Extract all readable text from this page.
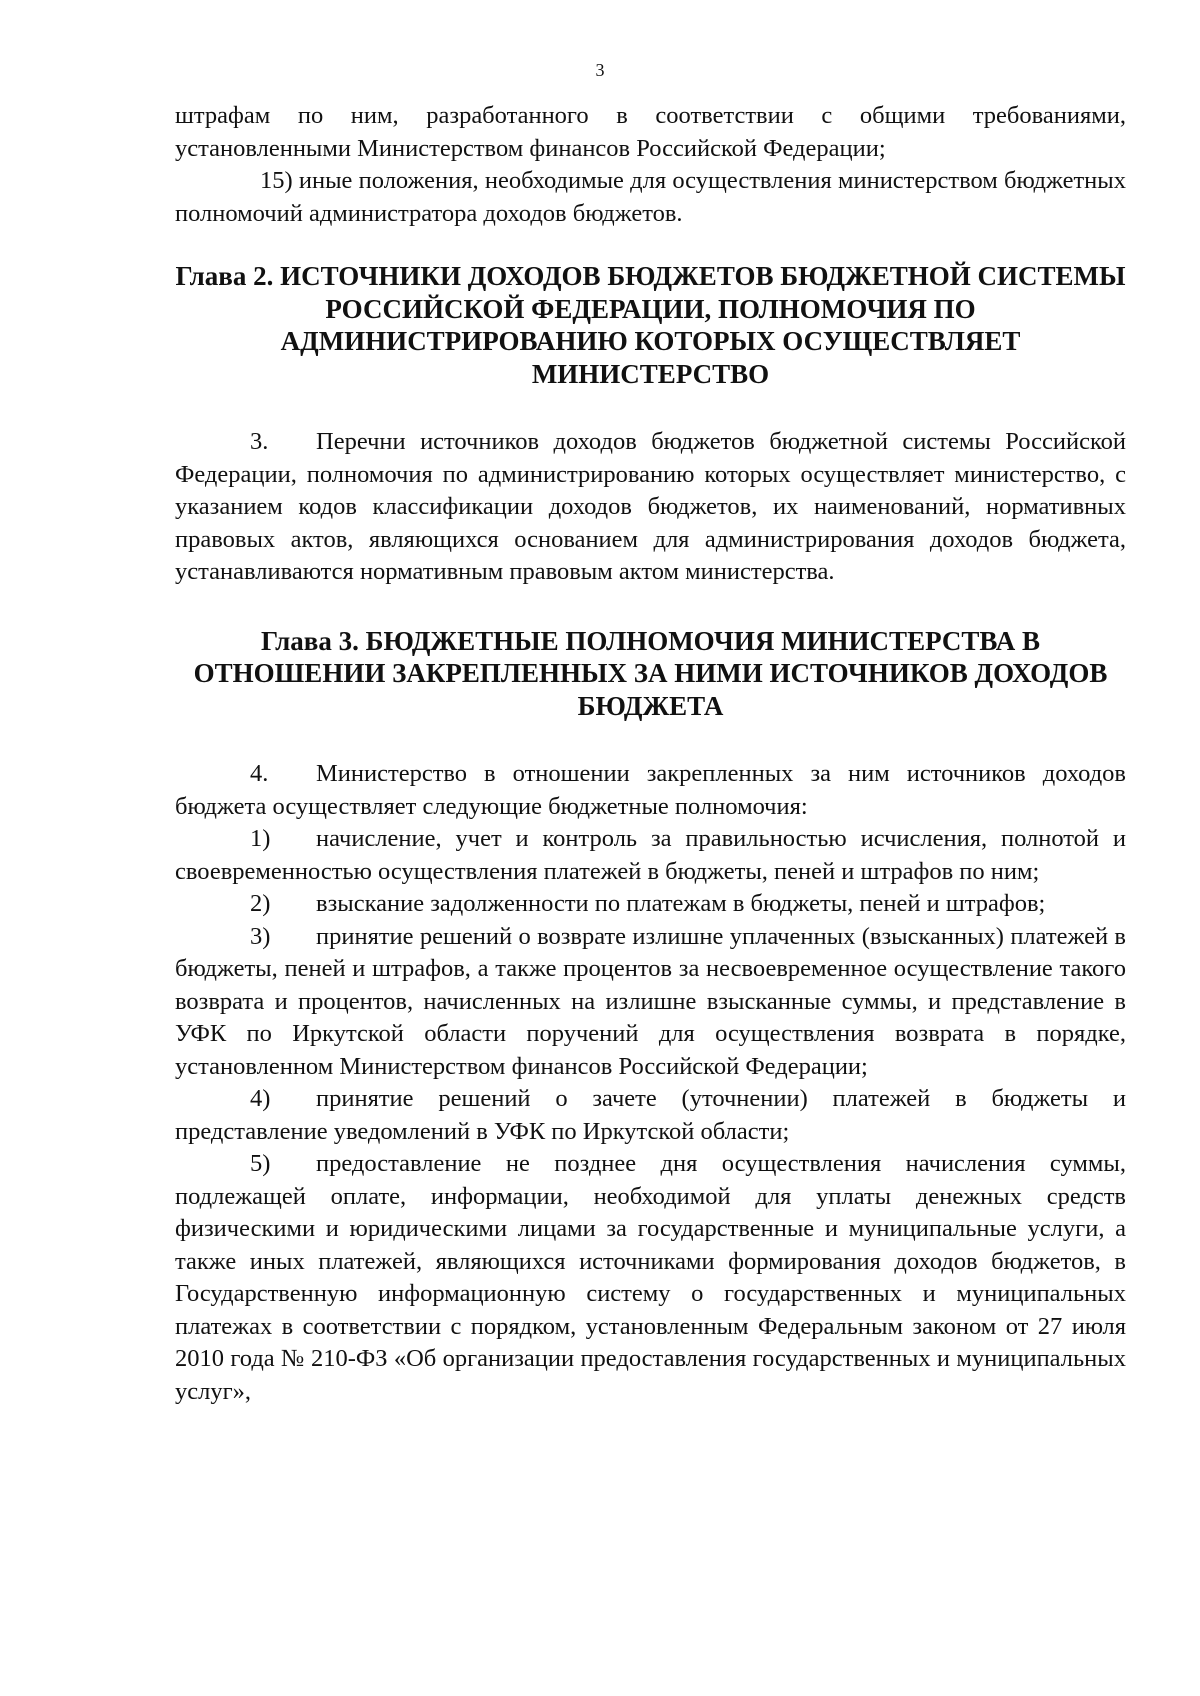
3

штрафам по ним, разработанного в соответствии с общими требованиями, установленными Министерством финансов Российской Федерации;

15) иные положения, необходимые для осуществления министерством бюджетных полномочий администратора доходов бюджетов.

Глава 2. ИСТОЧНИКИ ДОХОДОВ БЮДЖЕТОВ БЮДЖЕТНОЙ СИСТЕМЫ РОССИЙСКОЙ ФЕДЕРАЦИИ, ПОЛНОМОЧИЯ ПО АДМИНИСТРИРОВАНИЮ КОТОРЫХ ОСУЩЕСТВЛЯЕТ МИНИСТЕРСТВО

3. Перечни источников доходов бюджетов бюджетной системы Российской Федерации, полномочия по администрированию которых осуществляет министерство, с указанием кодов классификации доходов бюджетов, их наименований, нормативных правовых актов, являющихся основанием для администрирования доходов бюджета, устанавливаются нормативным правовым актом министерства.

Глава 3. БЮДЖЕТНЫЕ ПОЛНОМОЧИЯ МИНИСТЕРСТВА В ОТНОШЕНИИ ЗАКРЕПЛЕННЫХ ЗА НИМИ ИСТОЧНИКОВ ДОХОДОВ БЮДЖЕТА

4. Министерство в отношении закрепленных за ним источников доходов бюджета осуществляет следующие бюджетные полномочия:

1) начисление, учет и контроль за правильностью исчисления, полнотой и своевременностью осуществления платежей в бюджеты, пеней и штрафов по ним;

2) взыскание задолженности по платежам в бюджеты, пеней и штрафов;

3) принятие решений о возврате излишне уплаченных (взысканных) платежей в бюджеты, пеней и штрафов, а также процентов за несвоевременное осуществление такого возврата и процентов, начисленных на излишне взысканные суммы, и представление в УФК по Иркутской области поручений для осуществления возврата в порядке, установленном Министерством финансов Российской Федерации;

4) принятие решений о зачете (уточнении) платежей в бюджеты и представление уведомлений в УФК по Иркутской области;

5) предоставление не позднее дня осуществления начисления суммы, подлежащей оплате, информации, необходимой для уплаты денежных средств физическими и юридическими лицами за государственные и муниципальные услуги, а также иных платежей, являющихся источниками формирования доходов бюджетов, в Государственную информационную систему о государственных и муниципальных платежах в соответствии с порядком, установленным Федеральным законом от 27 июля 2010 года № 210-ФЗ «Об организации предоставления государственных и муниципальных услуг»,
